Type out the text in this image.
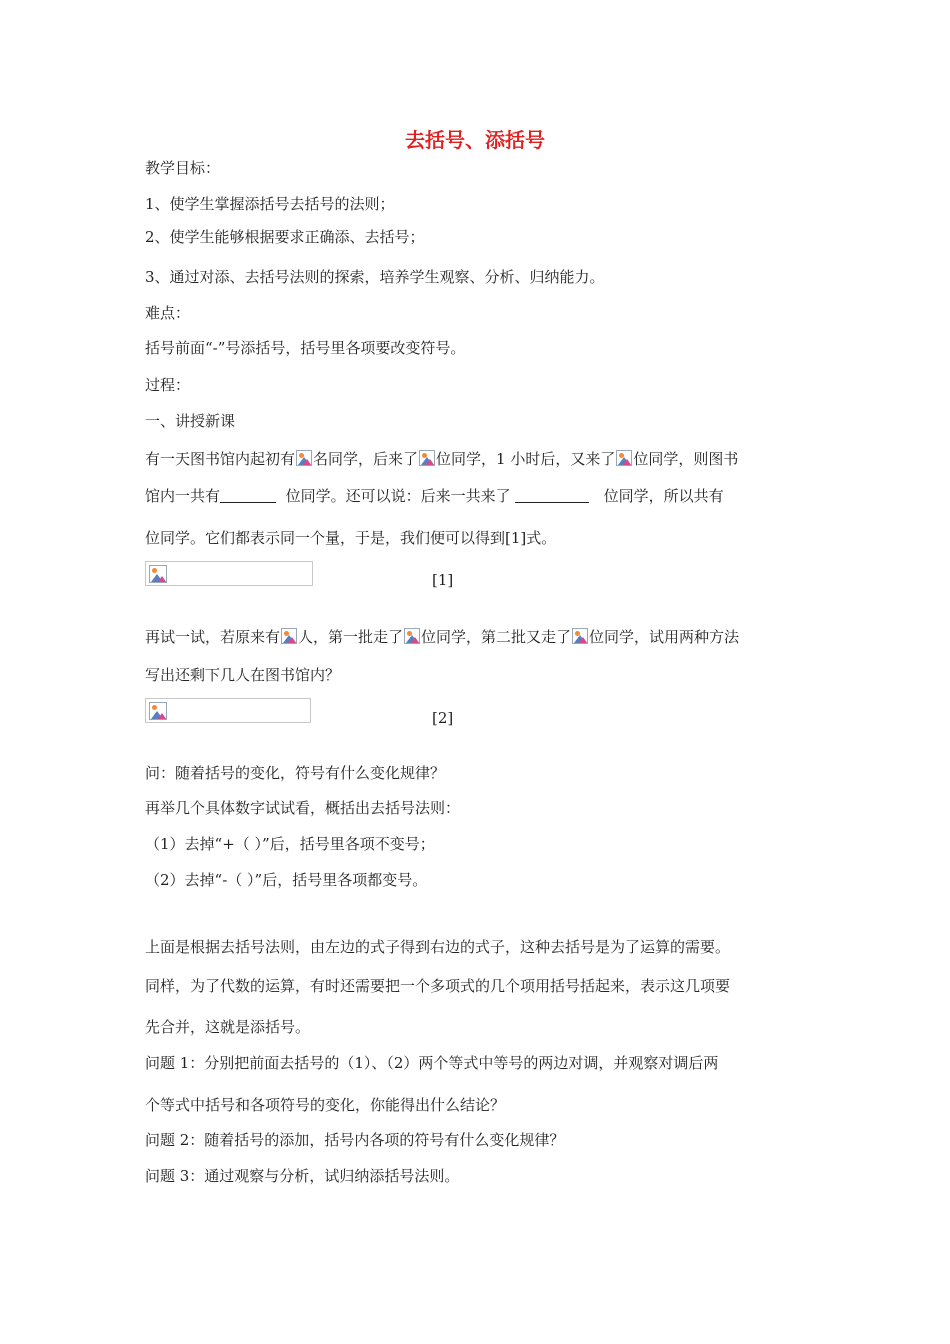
去括号、添括号
教学目标：
1、使学生掌握添括号去括号的法则；
2、使学生能够根据要求正确添、去括号；
3、通过对添、去括号法则的探索，培养学生观察、分析、归纳能力。
难点：
括号前面“-”号添括号，括号里各项要改变符号。
过程：
一、讲授新课
有一天图书馆内起初有 名同学，后来了 位同学，1 小时后，又来了 位同学，则图书
馆内一共有	位同学。还可以说：后来一共来了	位同学，所以共有
位同学。它们都表示同一个量，于是，我们便可以得到[1]式。
[1]
再试一试，若原来有 人，第一批走了 位同学，第二批又走了 位同学，试用两种方法
写出还剩下几人在图书馆内？
[2]
问：随着括号的变化，符号有什么变化规律？
再举几个具体数字试试看，概括出去括号法则：
（1）去掉“+（ ）”后，括号里各项不变号；
（2）去掉“-（ ）”后，括号里各项都变号。
上面是根据去括号法则，由左边的式子得到右边的式子，这种去括号是为了运算的需要。
同样，为了代数的运算，有时还需要把一个多项式的几个项用括号括起来，表示这几项要
先合并，这就是添括号。
问题 1：分别把前面去括号的（1）、（2）两个等式中等号的两边对调，并观察对调后两
个等式中括号和各项符号的变化，你能得出什么结论？
问题 2：随着括号的添加，括号内各项的符号有什么变化规律？
问题 3：通过观察与分析，试归纳添括号法则。
